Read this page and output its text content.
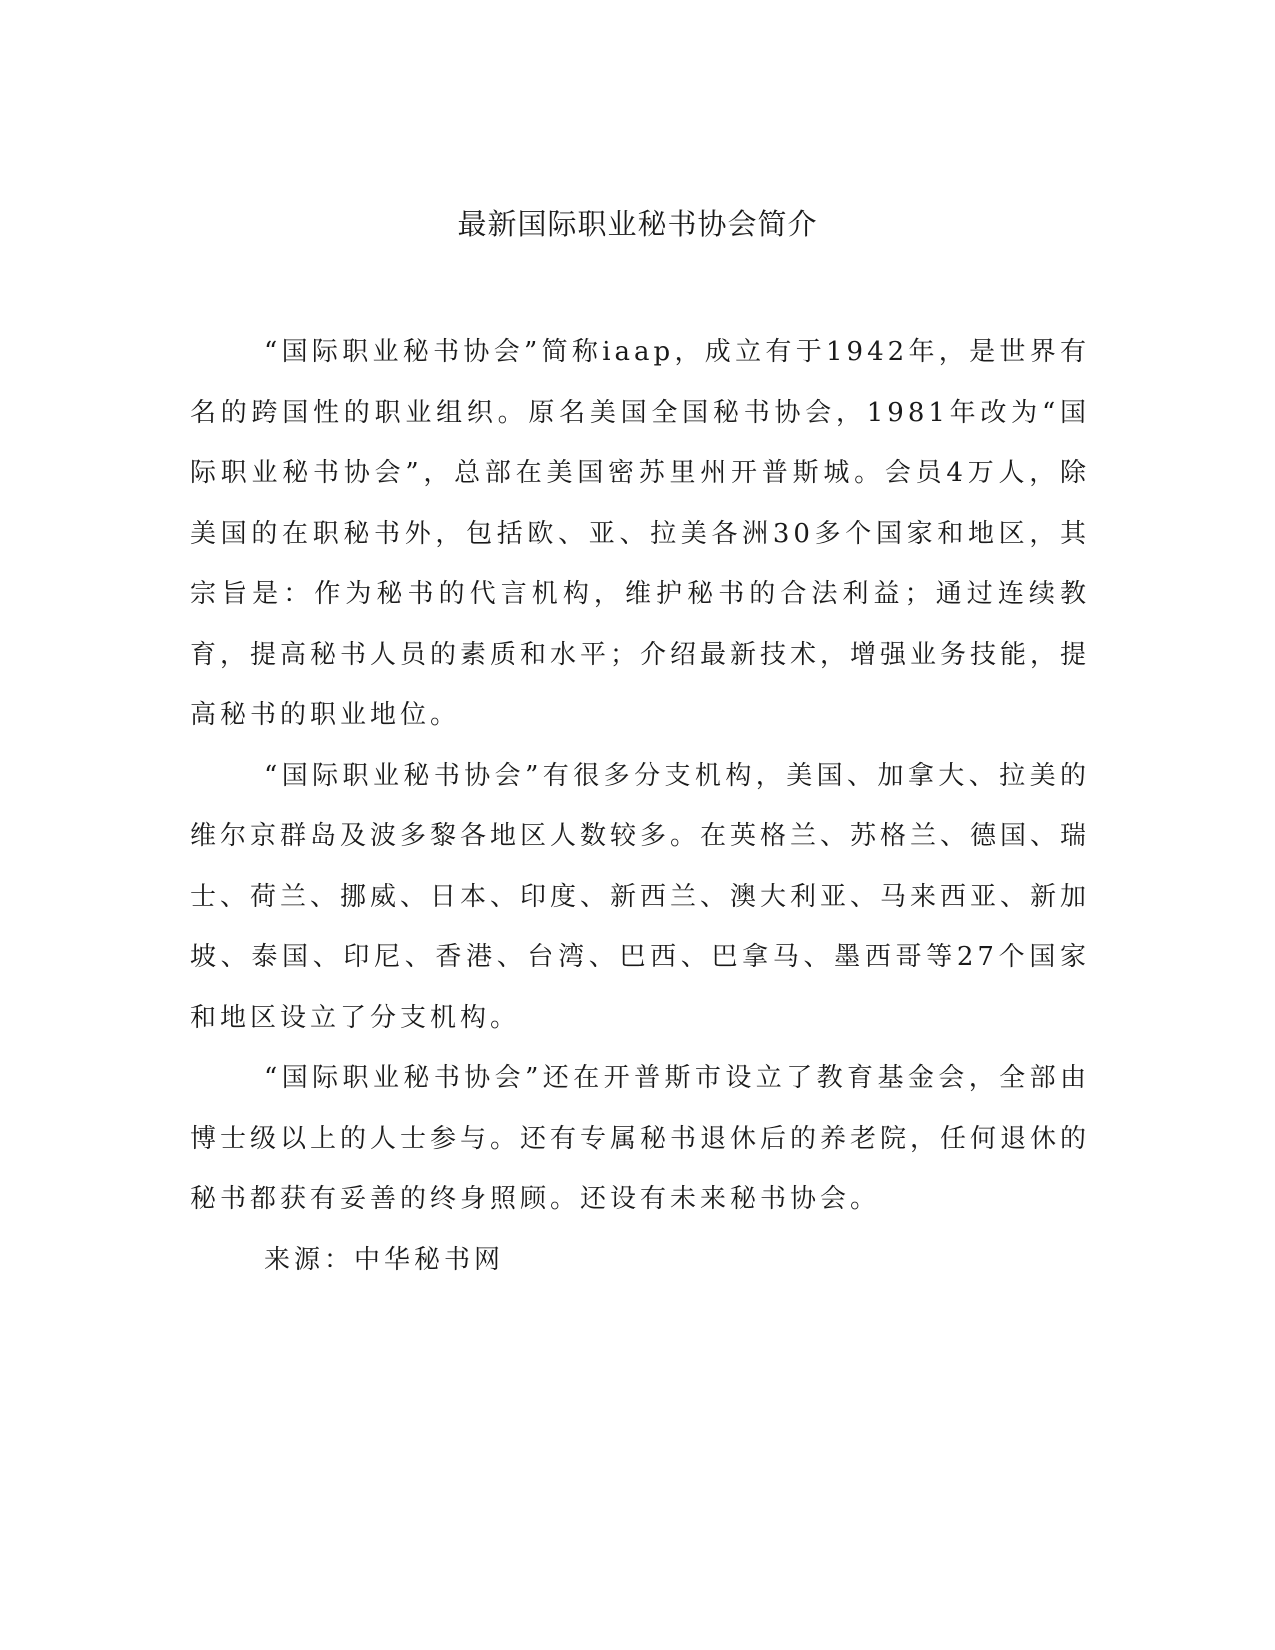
最新国际职业秘书协会简介

“国际职业秘书协会”简称iaap，成立有于1942年，是世界有名的跨国性的职业组织。原名美国全国秘书协会，1981年改为“国际职业秘书协会”，总部在美国密苏里州开普斯城。会员4万人，除美国的在职秘书外，包括欧、亚、拉美各洲30多个国家和地区，其宗旨是：作为秘书的代言机构，维护秘书的合法利益；通过连续教育，提高秘书人员的素质和水平；介绍最新技术，增强业务技能，提高秘书的职业地位。

“国际职业秘书协会”有很多分支机构，美国、加拿大、拉美的维尔京群岛及波多黎各地区人数较多。在英格兰、苏格兰、德国、瑞士、荷兰、挪威、日本、印度、新西兰、澳大利亚、马来西亚、新加坡、泰国、印尼、香港、台湾、巴西、巴拿马、墨西哥等27个国家和地区设立了分支机构。

“国际职业秘书协会”还在开普斯市设立了教育基金会，全部由博士级以上的人士参与。还有专属秘书退休后的养老院，任何退休的秘书都获有妥善的终身照顾。还设有未来秘书协会。

来源：中华秘书网
